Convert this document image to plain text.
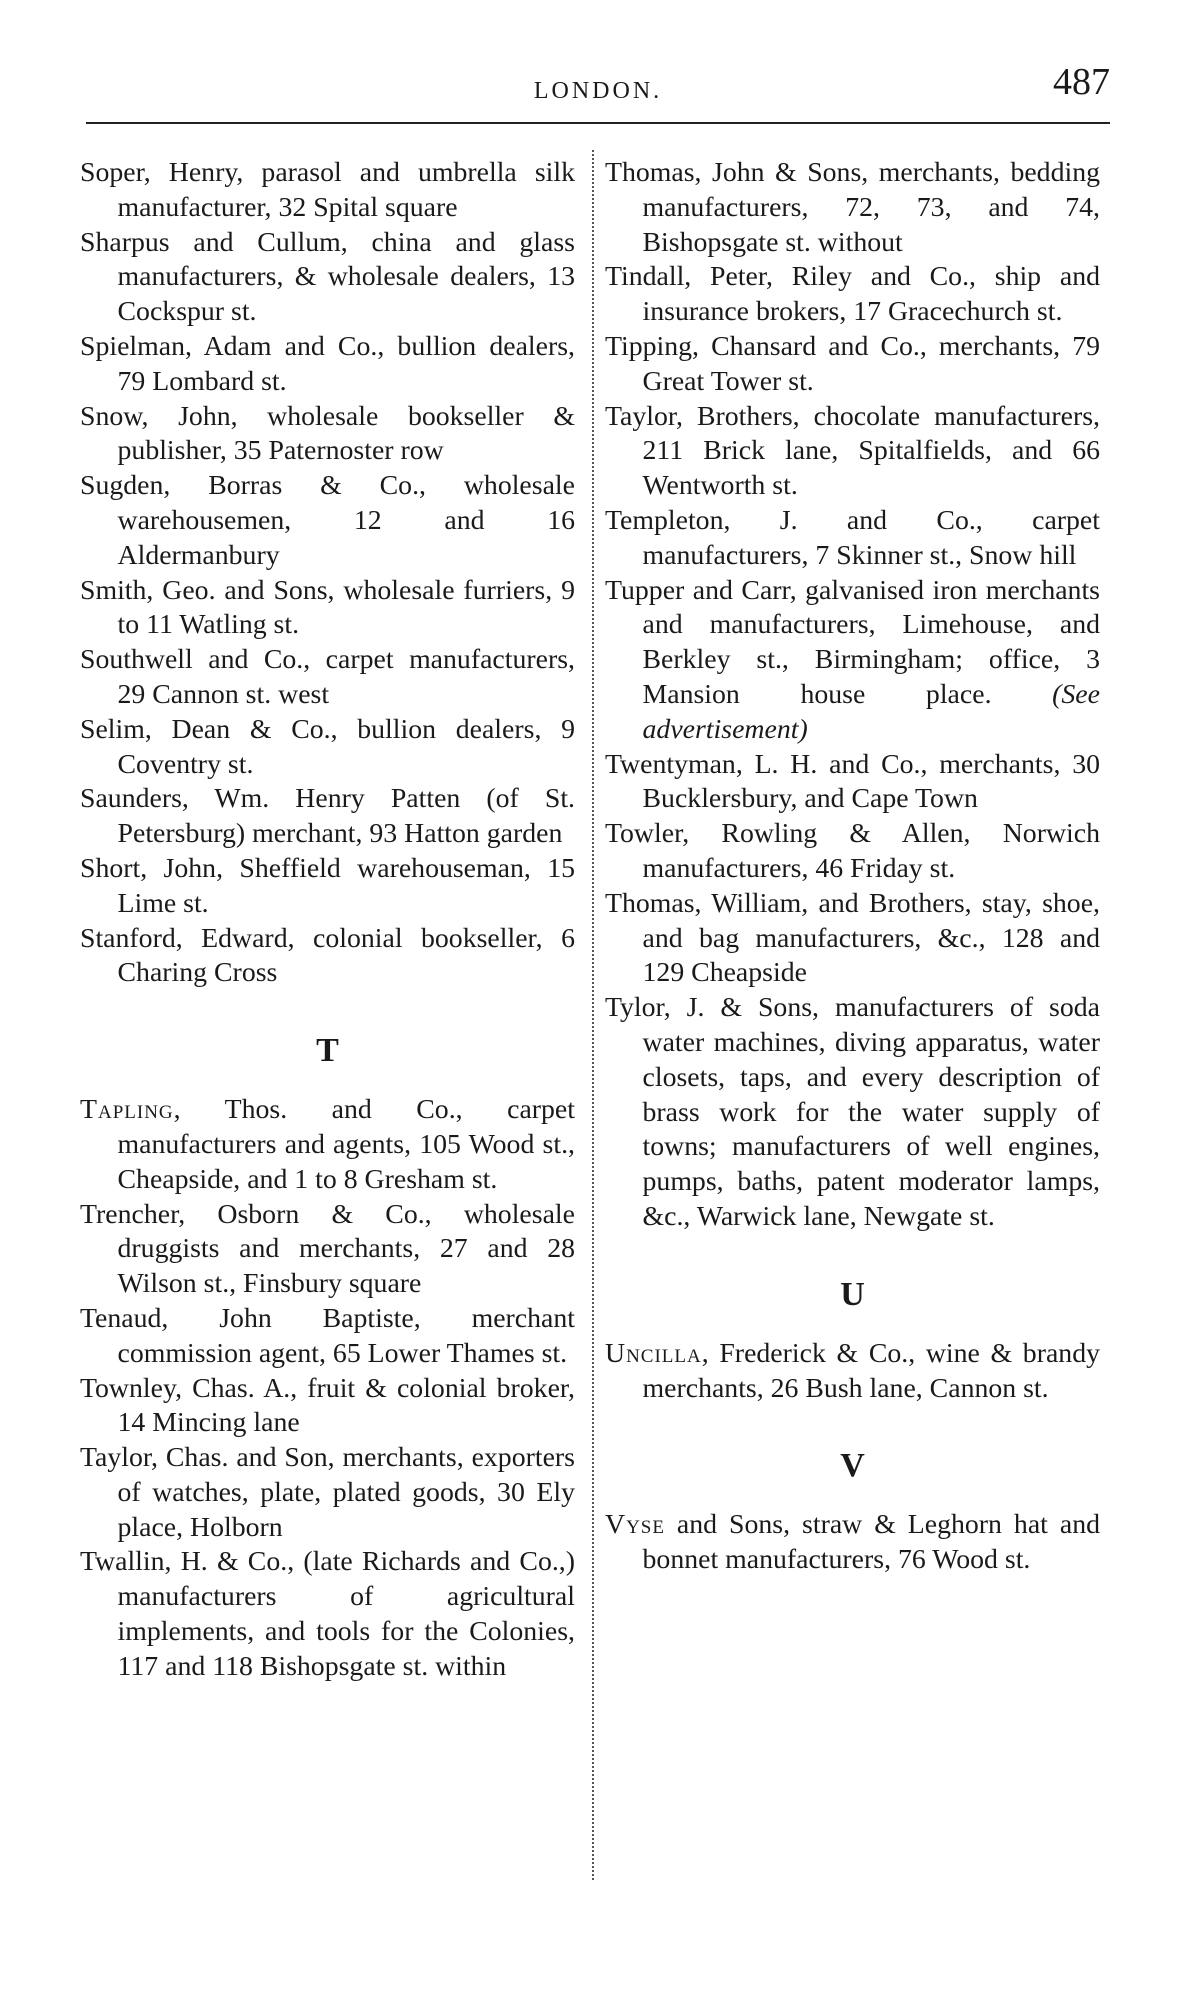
LONDON.	487

Soper, Henry, parasol and umbrella silk manufacturer, 32 Spital square

Sharpus and Cullum, china and glass manufacturers, & wholesale dealers, 13 Cockspur st.

Spielman, Adam and Co., bullion dealers, 79 Lombard st.

Snow, John, wholesale bookseller & publisher, 35 Paternoster row

Sugden, Borras & Co., wholesale warehousemen, 12 and 16 Aldermanbury

Smith, Geo. and Sons, wholesale furriers, 9 to 11 Watling st.

Southwell and Co., carpet manufacturers, 29 Cannon st. west

Selim, Dean & Co., bullion dealers, 9 Coventry st.

Saunders, Wm. Henry Patten (of St. Petersburg) merchant, 93 Hatton garden

Short, John, Sheffield warehouseman, 15 Lime st.

Stanford, Edward, colonial bookseller, 6 Charing Cross

T

Tapling, Thos. and Co., carpet manufacturers and agents, 105 Wood st., Cheapside, and 1 to 8 Gresham st.

Trencher, Osborn & Co., wholesale druggists and merchants, 27 and 28 Wilson st., Finsbury square

Tenaud, John Baptiste, merchant commission agent, 65 Lower Thames st.

Townley, Chas. A., fruit & colonial broker, 14 Mincing lane

Taylor, Chas. and Son, merchants, exporters of watches, plate, plated goods, 30 Ely place, Holborn

Twallin, H. & Co., (late Richards and Co.,) manufacturers of agricultural implements, and tools for the Colonies, 117 and 118 Bishopsgate st. within

Thomas, John & Sons, merchants, bedding manufacturers, 72, 73, and 74, Bishopsgate st. without

Tindall, Peter, Riley and Co., ship and insurance brokers, 17 Gracechurch st.

Tipping, Chansard and Co., merchants, 79 Great Tower st.

Taylor, Brothers, chocolate manufacturers, 211 Brick lane, Spitalfields, and 66 Wentworth st.

Templeton, J. and Co., carpet manufacturers, 7 Skinner st., Snow hill

Tupper and Carr, galvanised iron merchants and manufacturers, Limehouse, and Berkley st., Birmingham; office, 3 Mansion house place. (See advertisement)

Twentyman, L. H. and Co., merchants, 30 Bucklersbury, and Cape Town

Towler, Rowling & Allen, Norwich manufacturers, 46 Friday st.

Thomas, William, and Brothers, stay, shoe, and bag manufacturers, &c., 128 and 129 Cheapside

Tylor, J. & Sons, manufacturers of soda water machines, diving apparatus, water closets, taps, and every description of brass work for the water supply of towns; manufacturers of well engines, pumps, baths, patent moderator lamps, &c., Warwick lane, Newgate st.

U

Uncilla, Frederick & Co., wine & brandy merchants, 26 Bush lane, Cannon st.

V

Vyse and Sons, straw & Leghorn hat and bonnet manufacturers, 76 Wood st.
